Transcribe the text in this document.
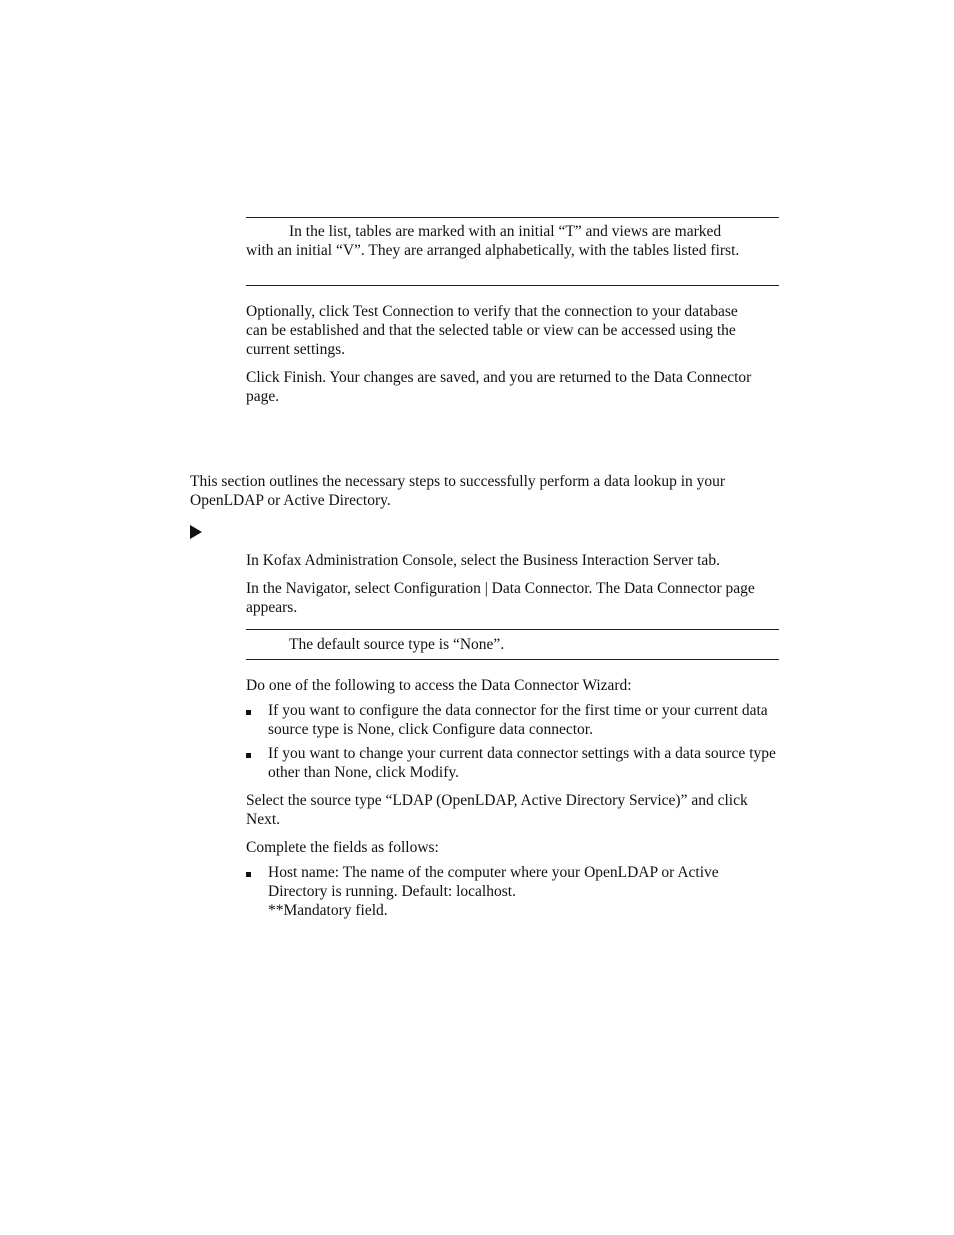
In the list, tables are marked with an initial “T” and views are marked

with an initial “V”. They are arranged alphabetically, with the tables listed first.

Optionally, click Test Connection to verify that the connection to your database can be established and that the selected table or view can be accessed using the current settings.

Click Finish. Your changes are saved, and you are returned to the Data Connector page.

This section outlines the necessary steps to successfully perform a data lookup in your OpenLDAP or Active Directory.

In Kofax Administration Console, select the Business Interaction Server tab.

In the Navigator, select Configuration | Data Connector. The Data Connector page appears.

The default source type is “None”.

Do one of the following to access the Data Connector Wizard:

If you want to configure the data connector for the first time or your current data source type is None, click Configure data connector.

If you want to change your current data connector settings with a data source type other than None, click Modify.

Select the source type “LDAP (OpenLDAP, Active Directory Service)” and click Next.

Complete the fields as follows:

Host name: The name of the computer where your OpenLDAP or Active Directory is running. Default: localhost.

**Mandatory field.
